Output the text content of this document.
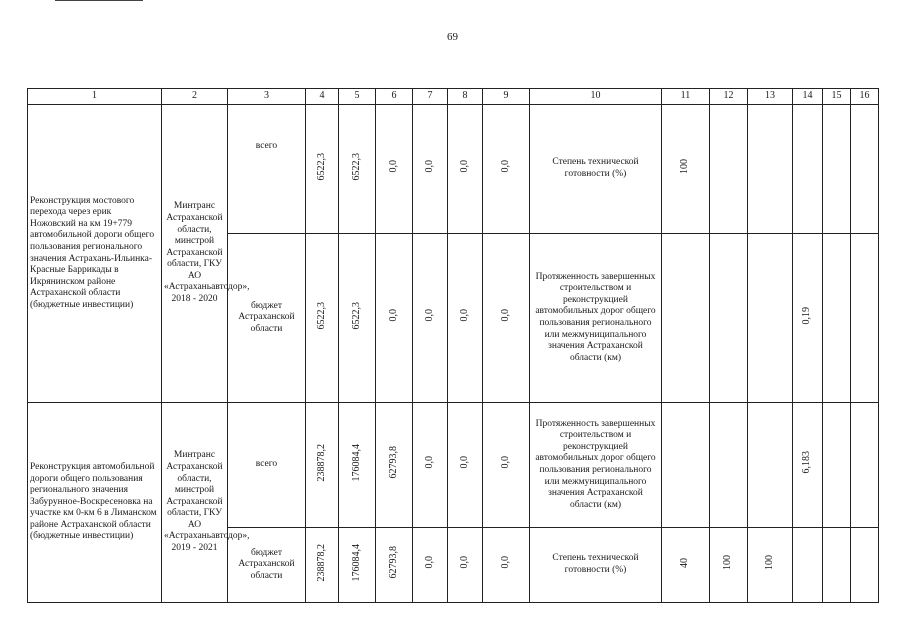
69
1	2	3	4	5	6	7	8	9	10	11	12	13	14	15	16
Реконструкция мостового перехода через ерик Ножовский на км 19+779 автомобильной дороги общего пользования регионального значения Астрахань-Ильинка-Красные Баррикады в Икрянинском районе Астраханской области (бюджетные инвестиции)	Минтранс Астраханской области, минстрой Астраханской области, ГКУ АО «Астраханьавтодор», 2018 - 2020	всего	6522,3	6522,3	0,0	0,0	0,0	0,0	Степень технической готовности (%)	100					
		бюджет Астраханской области	6522,3	6522,3	0,0	0,0	0,0	0,0	Протяженность завершенных строительством и реконструкцией автомобильных дорог общего пользования регионального или межмуниципального значения Астраханской области (км)				0,19		
Реконструкция автомобильной дороги общего пользования регионального значения Забурунное-Воскресеновка на участке км 0-км 6 в Лиманском районе Астраханской области (бюджетные инвестиции)	Минтранс Астраханской области, минстрой Астраханской области, ГКУ АО «Астраханьавтодор», 2019 - 2021	всего	238878,2	176084,4	62793,8	0,0	0,0	0,0	Протяженность завершенных строительством и реконструкцией автомобильных дорог общего пользования регионального или межмуниципального значения Астраханской области (км)				6,183		
		бюджет Астраханской области	238878,2	176084,4	62793,8	0,0	0,0	0,0	Степень технической готовности (%)	40	100	100			
